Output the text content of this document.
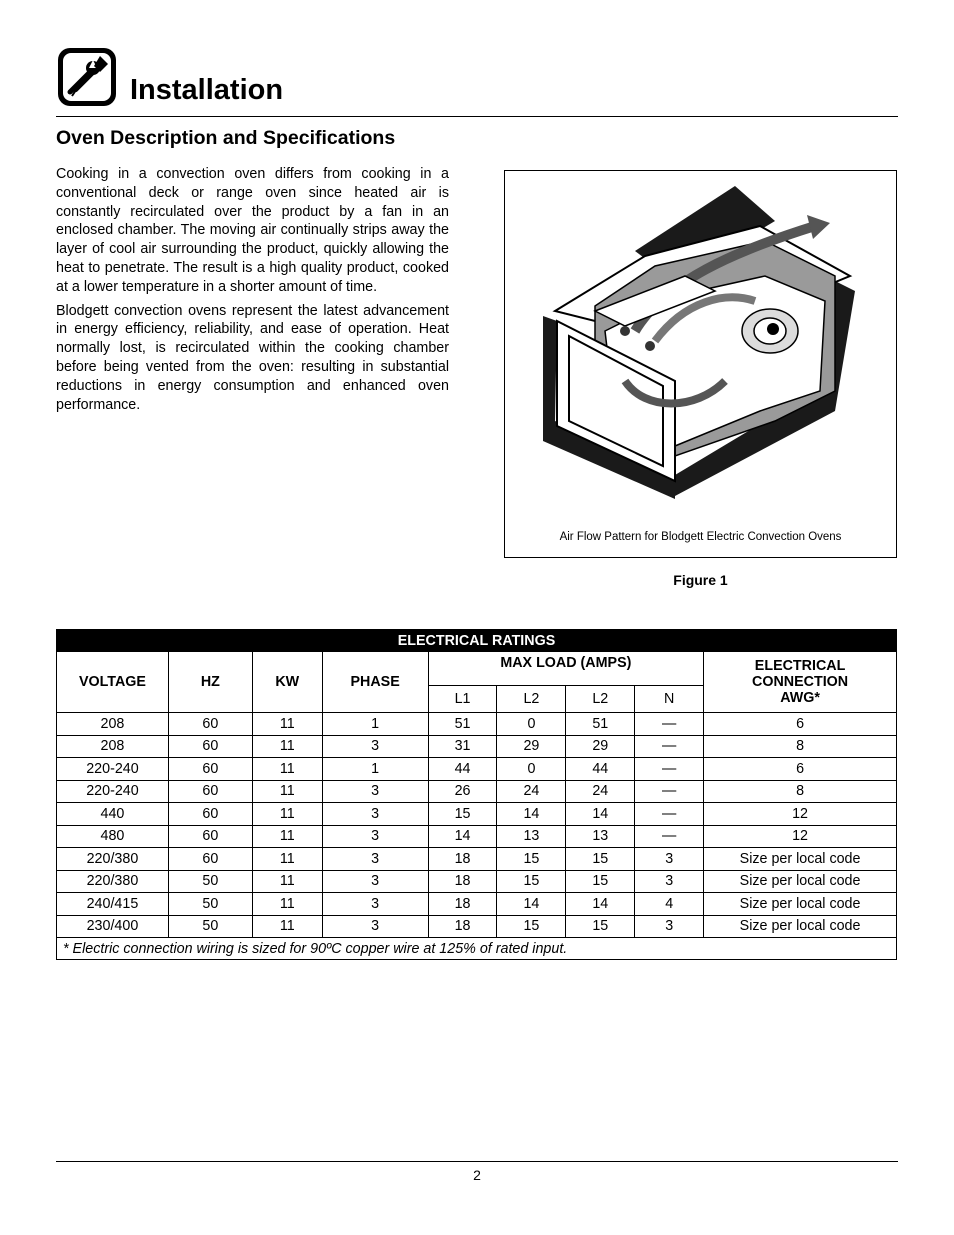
Installation
Oven Description and Specifications

Cooking in a convection oven differs from cooking in a conventional deck or range oven since heated air is constantly recirculated over the product by a fan in an enclosed chamber. The moving air continually strips away the layer of cool air surrounding the product, quickly allowing the heat to penetrate. The result is a high quality product, cooked at a lower temperature in a shorter amount of time.

Blodgett convection ovens represent the latest advancement in energy efficiency, reliability, and ease of operation. Heat normally lost, is recirculated within the cooking chamber before being vented from the oven: resulting in substantial reductions in energy consumption and enhanced oven performance.

Air Flow Pattern for Blodgett Electric Convection Ovens
Figure 1
ELECTRICAL RATINGS								
VOLTAGE	HZ	KW	PHASE	MAX LOAD (AMPS)				ELECTRICAL
CONNECTION
AWG*
				L1	L2	L2	N	
208	60	11	1	51	0	51	—	6
208	60	11	3	31	29	29	—	8
220-240	60	11	1	44	0	44	—	6
220-240	60	11	3	26	24	24	—	8
440	60	11	3	15	14	14	—	12
480	60	11	3	14	13	13	—	12
220/380	60	11	3	18	15	15	3	Size per local code
220/380	50	11	3	18	15	15	3	Size per local code
240/415	50	11	3	18	14	14	4	Size per local code
230/400	50	11	3	18	15	15	3	Size per local code
* Electric connection wiring is sized for 90ºC copper wire at 125% of rated input.								
2
